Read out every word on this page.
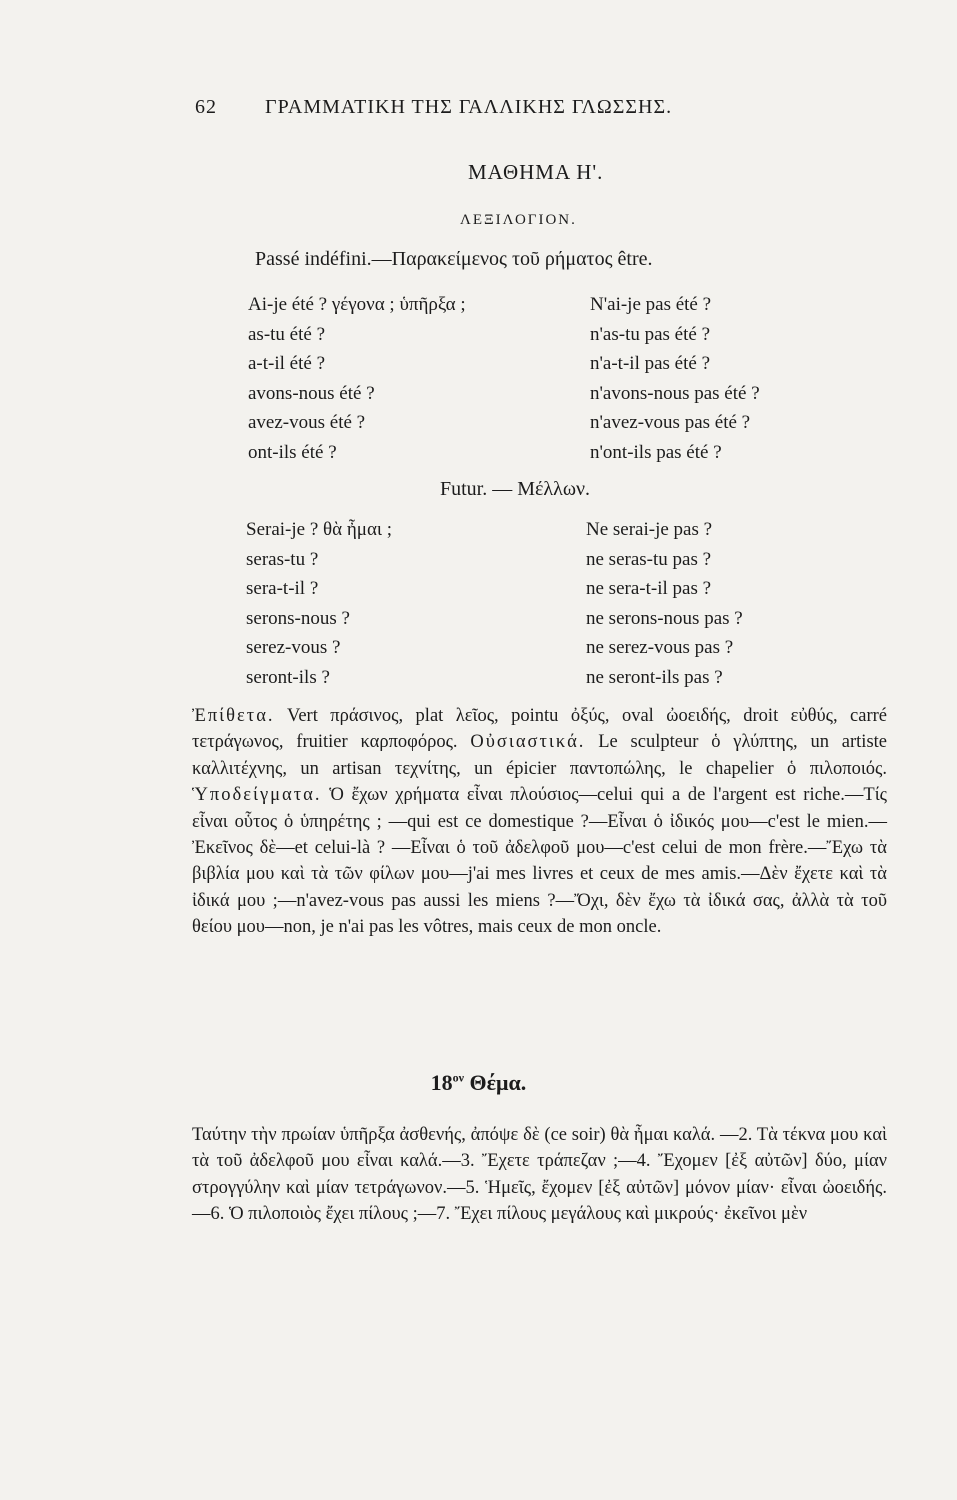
62 ΓΡΑΜΜΑΤΙΚΗ ΤΗΣ ΓΑΛΛΙΚΗΣ ΓΛΩΣΣΗΣ.
ΜΑΘΗΜΑ Η'.
ΛΕΞΙΛΟΓΙΟΝ.
Passé indéfini.—Παρακείμενος τοῦ ρήματος être.
Ai-je été ? γέγονα ; ὑπῆρξα ;
as-tu été ?
a-t-il été ?
avons-nous été ?
avez-vous été ?
ont-ils été ?
N'ai-je pas été ?
n'as-tu pas été ?
n'a-t-il pas été ?
n'avons-nous pas été ?
n'avez-vous pas été ?
n'ont-ils pas été ?
Futur. — Μέλλων.
Serai-je ? θὰ ἦμαι ;
seras-tu ?
sera-t-il ?
serons-nous ?
serez-vous ?
seront-ils ?
Ne serai-je pas ?
ne seras-tu pas ?
ne sera-t-il pas ?
ne serons-nous pas ?
ne serez-vous pas ?
ne seront-ils pas ?
Ἐπίθετα. Vert πράσινος, plat λεῖος, pointu ὀξύς, oval ὠοειδής, droit εὐθύς, carré τετράγωνος, fruitier καρποφόρος. Οὐσιαστικά. Le sculpteur ὁ γλύπτης, un artiste καλλιτέχνης, un artisan τεχνίτης, un épicier παντοπώλης, le chapelier ὁ πιλοποιός. Ὑποδείγματα. Ὁ ἔχων χρήματα εἶναι πλούσιος—celui qui a de l'argent est riche.—Τίς εἶναι οὗτος ὁ ὑπηρέτης ; —qui est ce domestique ?—Εἶναι ὁ ἰδικός μου—c'est le mien.—Ἐκεῖνος δὲ—et celui-là ? —Εἶναι ὁ τοῦ ἀδελφοῦ μου—c'est celui de mon frère.—Ἔχω τὰ βιβλία μου καὶ τὰ τῶν φίλων μου—j'ai mes livres et ceux de mes amis.—Δὲν ἔχετε καὶ τὰ ἰδικά μου ;—n'avez-vous pas aussi les miens ?—Ὄχι, δὲν ἔχω τὰ ἰδικά σας, ἀλλὰ τὰ τοῦ θείου μου—non, je n'ai pas les vôtres, mais ceux de mon oncle.
$18^{o\nu}$ Θέμα.
Ταύτην τὴν πρωίαν ὑπῆρξα ἀσθενής, ἀπόψε δὲ (ce soir) θὰ ἦμαι καλά. —2. Τὰ τέκνα μου καὶ τὰ τοῦ ἀδελφοῦ μου εἶναι καλά.—3. Ἔχετε τράπεζαν ;—4. Ἔχομεν [ἐξ αὐτῶν] δύο, μίαν στρογγύλην καὶ μίαν τετράγωνον.—5. Ἡμεῖς, ἔχομεν [ἐξ αὐτῶν] μόνον μίαν· εἶναι ὠοειδής.—6. Ὁ πιλοποιὸς ἔχει πίλους ;—7. Ἔχει πίλους μεγάλους καὶ μικρούς· ἐκεῖνοι μὲν
